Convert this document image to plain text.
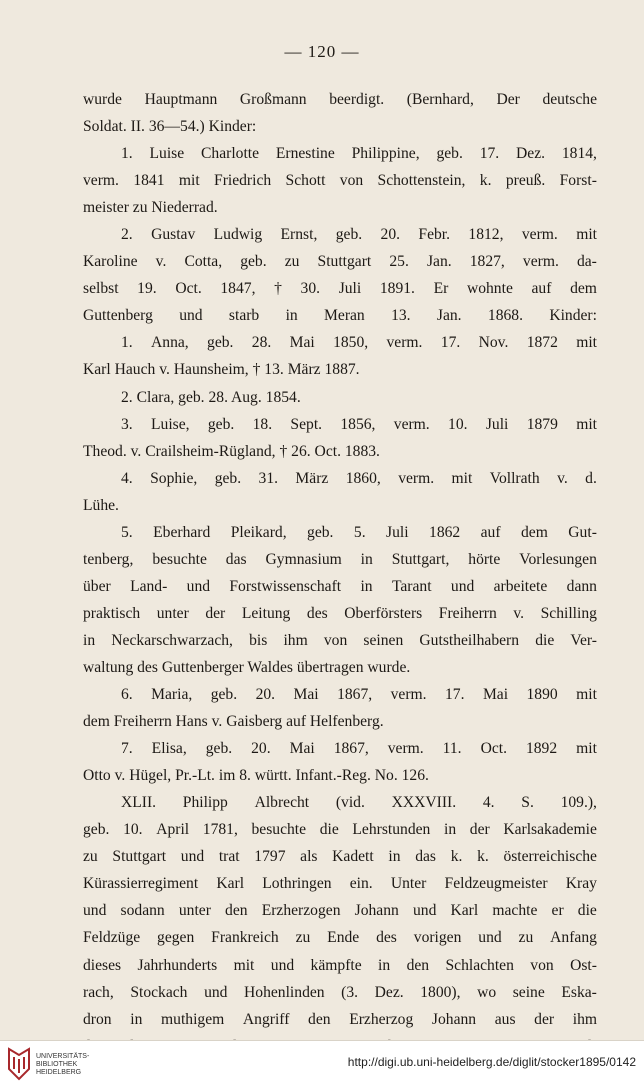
— 120 —
wurde Hauptmann Großmann beerdigt. (Bernhard, Der deutsche
Soldat. II. 36—54.) Kinder:
1. Luise Charlotte Ernestine Philippine, geb. 17. Dez. 1814,
verm. 1841 mit Friedrich Schott von Schottenstein, k. preuß. Forst-
meister zu Niederrad.
2. Gustav Ludwig Ernst, geb. 20. Febr. 1812, verm. mit
Karoline v. Cotta, geb. zu Stuttgart 25. Jan. 1827, verm. da-
selbst 19. Oct. 1847, † 30. Juli 1891. Er wohnte auf dem
Guttenberg und starb in Meran 13. Jan. 1868. Kinder:
1. Anna, geb. 28. Mai 1850, verm. 17. Nov. 1872 mit
Karl Hauch v. Haunsheim, † 13. März 1887.
2. Clara, geb. 28. Aug. 1854.
3. Luise, geb. 18. Sept. 1856, verm. 10. Juli 1879 mit
Theod. v. Crailsheim-Rügland, † 26. Oct. 1883.
4. Sophie, geb. 31. März 1860, verm. mit Vollrath v. d.
Lühe.
5. Eberhard Pleikard, geb. 5. Juli 1862 auf dem Gut-
tenberg, besuchte das Gymnasium in Stuttgart, hörte Vorlesungen
über Land- und Forstwissenschaft in Tarant und arbeitete dann
praktisch unter der Leitung des Oberförsters Freiherrn v. Schilling
in Neckarschwarzach, bis ihm von seinen Gutstheilhabern die Ver-
waltung des Guttenberger Waldes übertragen wurde.
6. Maria, geb. 20. Mai 1867, verm. 17. Mai 1890 mit
dem Freiherrn Hans v. Gaisberg auf Helfenberg.
7. Elisa, geb. 20. Mai 1867, verm. 11. Oct. 1892 mit
Otto v. Hügel, Pr.-Lt. im 8. württ. Infant.-Reg. No. 126.
XLII. Philipp Albrecht (vid. XXXVIII. 4. S. 109.),
geb. 10. April 1781, besuchte die Lehrstunden in der Karlsakademie
zu Stuttgart und trat 1797 als Kadett in das k. k. österreichische
Kürassierregiment Karl Lothringen ein. Unter Feldzeugmeister Kray
und sodann unter den Erzherzogen Johann und Karl machte er die
Feldzüge gegen Frankreich zu Ende des vorigen und zu Anfang
dieses Jahrhunderts mit und kämpfte in den Schlachten von Ost-
rach, Stockach und Hohenlinden (3. Dez. 1800), wo seine Eska-
dron in muthigem Angriff den Erzherzog Johann aus der ihm
UNIVERSITÄTS-
BIBLIOTHEK
HEIDELBERG
http://digi.ub.uni-heidelberg.de/diglit/stocker1895/0142
